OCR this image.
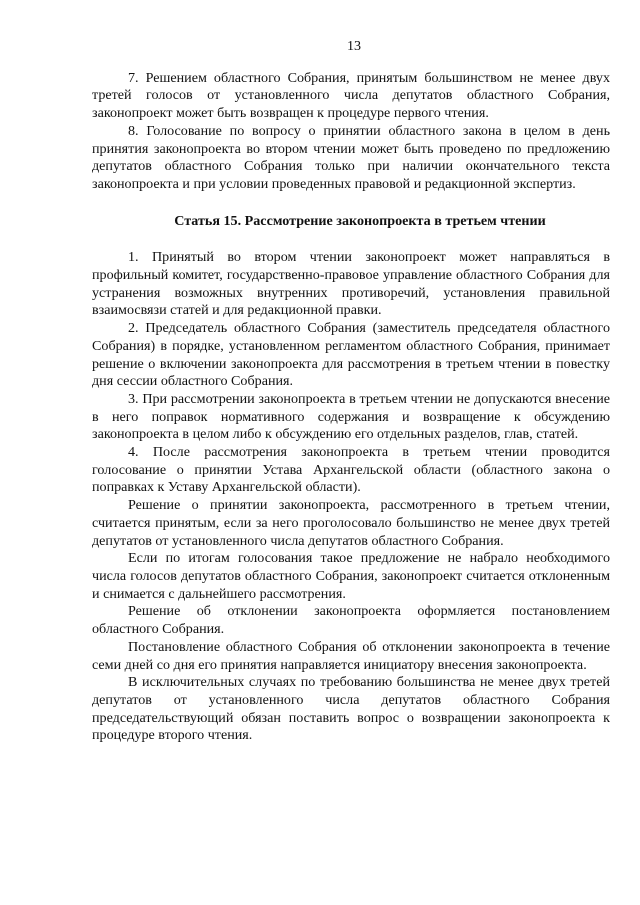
13

7. Решением областного Собрания, принятым большинством не менее двух третей голосов от установленного числа депутатов областного Собрания, законопроект может быть возвращен к процедуре первого чтения.

8. Голосование по вопросу о принятии областного закона в целом в день принятия законопроекта во втором чтении может быть проведено по предложению депутатов областного Собрания только при наличии окончательного текста законопроекта и при условии проведенных правовой и редакционной экспертиз.

Статья 15. Рассмотрение законопроекта в третьем чтении

1. Принятый во втором чтении законопроект может направляться в профильный комитет, государственно-правовое управление областного Собрания для устранения возможных внутренних противоречий, установления правильной взаимосвязи статей и для редакционной правки.

2. Председатель областного Собрания (заместитель председателя областного Собрания) в порядке, установленном регламентом областного Собрания, принимает решение о включении законопроекта для рассмотрения в третьем чтении в повестку дня сессии областного Собрания.

3. При рассмотрении законопроекта в третьем чтении не допускаются внесение в него поправок нормативного содержания и возвращение к обсуждению законопроекта в целом либо к обсуждению его отдельных разделов, глав, статей.

4. После рассмотрения законопроекта в третьем чтении проводится голосование о принятии Устава Архангельской области (областного закона о поправках к Уставу Архангельской области).

Решение о принятии законопроекта, рассмотренного в третьем чтении, считается принятым, если за него проголосовало большинство не менее двух третей депутатов от установленного числа депутатов областного Собрания.

Если по итогам голосования такое предложение не набрало необходимого числа голосов депутатов областного Собрания, законопроект считается отклоненным и снимается с дальнейшего рассмотрения.

Решение об отклонении законопроекта оформляется постановлением областного Собрания.

Постановление областного Собрания об отклонении законопроекта в течение семи дней со дня его принятия направляется инициатору внесения законопроекта.

В исключительных случаях по требованию большинства не менее двух третей депутатов от установленного числа депутатов областного Собрания председательствующий обязан поставить вопрос о возвращении законопроекта к процедуре второго чтения.
